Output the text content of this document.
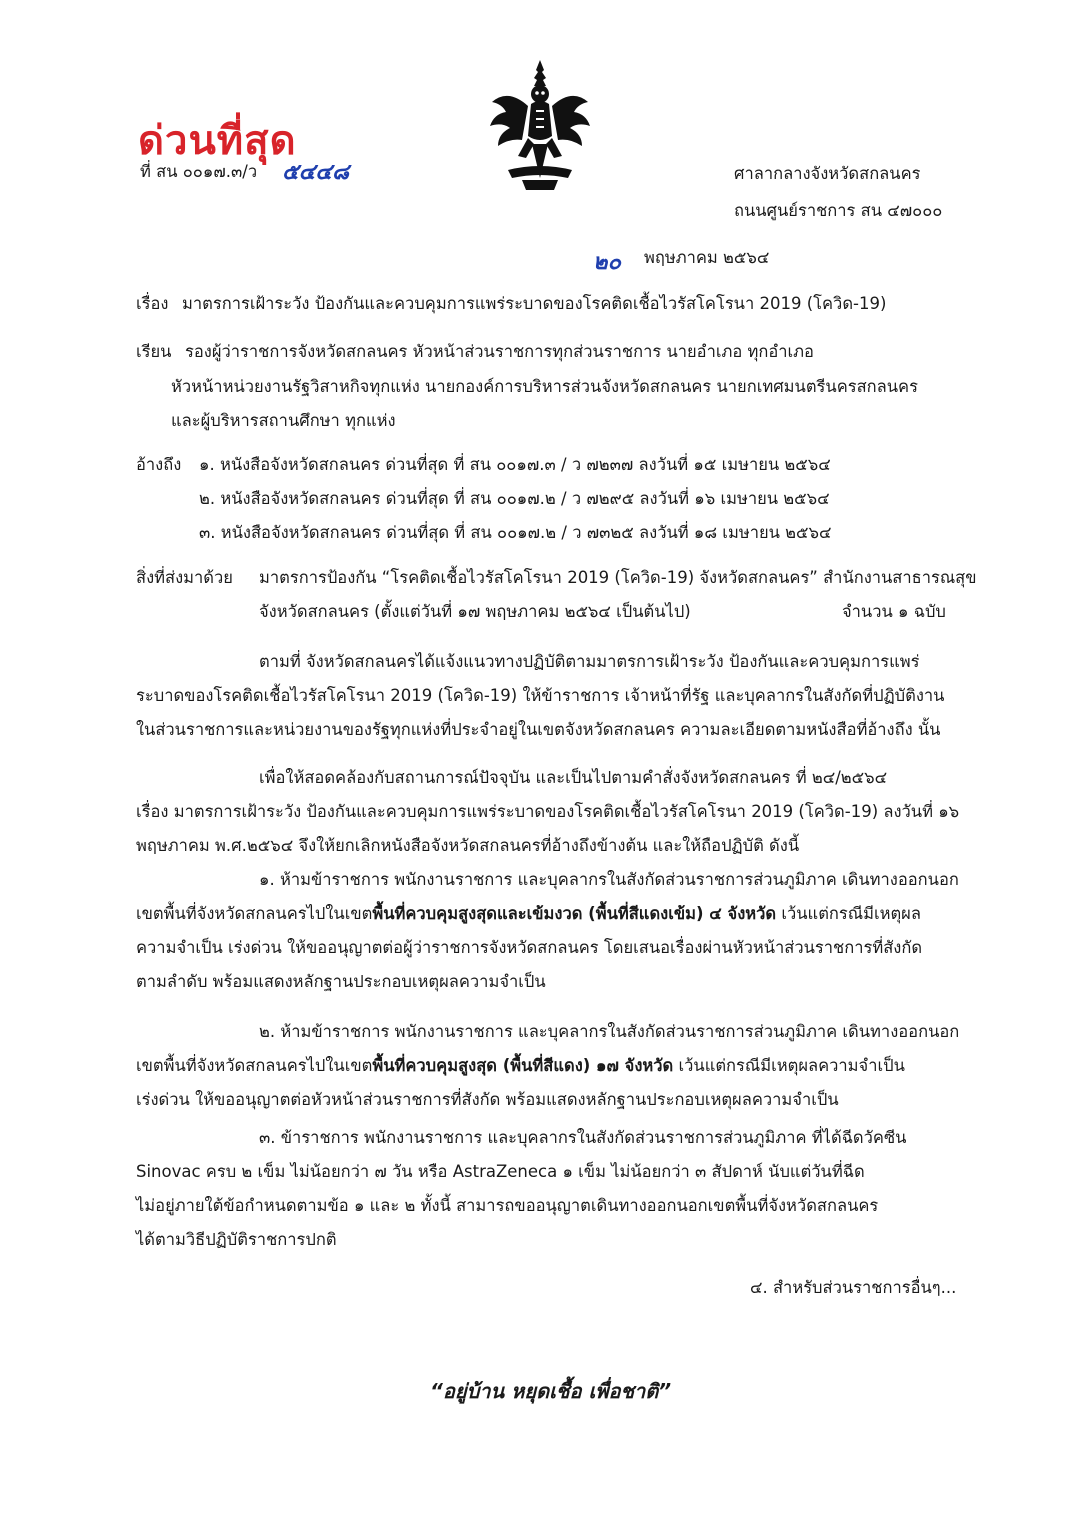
ด่วนที่สุด
ที่ สน ๐๐๑๗.๓/ว ๕๔๔๘	ศาลากลางจังหวัดสกลนคร
ถนนศูนย์ราชการ สน ๔๗๐๐๐
๒๐ พฤษภาคม ๒๕๖๔
เรื่อง มาตรการเฝ้าระวัง ป้องกันและควบคุมการแพร่ระบาดของโรคติดเชื้อไวรัสโคโรนา 2019 (โควิด-19)
เรียน รองผู้ว่าราชการจังหวัดสกลนคร หัวหน้าส่วนราชการทุกส่วนราชการ นายอำเภอ ทุกอำเภอ
หัวหน้าหน่วยงานรัฐวิสาหกิจทุกแห่ง นายกองค์การบริหารส่วนจังหวัดสกลนคร นายกเทศมนตรีนครสกลนคร
และผู้บริหารสถานศึกษา ทุกแห่ง
อ้างถึง ๑. หนังสือจังหวัดสกลนคร ด่วนที่สุด ที่ สน ๐๐๑๗.๓ / ว ๗๒๓๗ ลงวันที่ ๑๕ เมษายน ๒๕๖๔
๒. หนังสือจังหวัดสกลนคร ด่วนที่สุด ที่ สน ๐๐๑๗.๒ / ว ๗๒๙๕ ลงวันที่ ๑๖ เมษายน ๒๕๖๔
๓. หนังสือจังหวัดสกลนคร ด่วนที่สุด ที่ สน ๐๐๑๗.๒ / ว ๗๓๒๕ ลงวันที่ ๑๘ เมษายน ๒๕๖๔
สิ่งที่ส่งมาด้วย มาตรการป้องกัน “โรคติดเชื้อไวรัสโคโรนา 2019 (โควิด-19) จังหวัดสกลนคร” สำนักงานสาธารณสุข
จังหวัดสกลนคร (ตั้งแต่วันที่ ๑๗ พฤษภาคม ๒๕๖๔ เป็นต้นไป)	จำนวน ๑ ฉบับ
ตามที่ จังหวัดสกลนครได้แจ้งแนวทางปฏิบัติตามมาตรการเฝ้าระวัง ป้องกันและควบคุมการแพร่
ระบาดของโรคติดเชื้อไวรัสโคโรนา 2019 (โควิด-19) ให้ข้าราชการ เจ้าหน้าที่รัฐ และบุคลากรในสังกัดที่ปฏิบัติงาน
ในส่วนราชการและหน่วยงานของรัฐทุกแห่งที่ประจำอยู่ในเขตจังหวัดสกลนคร ความละเอียดตามหนังสือที่อ้างถึง นั้น
เพื่อให้สอดคล้องกับสถานการณ์ปัจจุบัน และเป็นไปตามคำสั่งจังหวัดสกลนคร ที่ ๒๔/๒๕๖๔
เรื่อง มาตรการเฝ้าระวัง ป้องกันและควบคุมการแพร่ระบาดของโรคติดเชื้อไวรัสโคโรนา 2019 (โควิด-19) ลงวันที่ ๑๖
พฤษภาคม พ.ศ.๒๕๖๔ จึงให้ยกเลิกหนังสือจังหวัดสกลนครที่อ้างถึงข้างต้น และให้ถือปฏิบัติ ดังนี้
๑. ห้ามข้าราชการ พนักงานราชการ และบุคลากรในสังกัดส่วนราชการส่วนภูมิภาค เดินทางออกนอก
เขตพื้นที่จังหวัดสกลนครไปในเขตพื้นที่ควบคุมสูงสุดและเข้มงวด (พื้นที่สีแดงเข้ม) ๔ จังหวัด เว้นแต่กรณีมีเหตุผล
ความจำเป็น เร่งด่วน ให้ขออนุญาตต่อผู้ว่าราชการจังหวัดสกลนคร โดยเสนอเรื่องผ่านหัวหน้าส่วนราชการที่สังกัด
ตามลำดับ พร้อมแสดงหลักฐานประกอบเหตุผลความจำเป็น
๒. ห้ามข้าราชการ พนักงานราชการ และบุคลากรในสังกัดส่วนราชการส่วนภูมิภาค เดินทางออกนอก
เขตพื้นที่จังหวัดสกลนครไปในเขตพื้นที่ควบคุมสูงสุด (พื้นที่สีแดง) ๑๗ จังหวัด เว้นแต่กรณีมีเหตุผลความจำเป็น
เร่งด่วน ให้ขออนุญาตต่อหัวหน้าส่วนราชการที่สังกัด พร้อมแสดงหลักฐานประกอบเหตุผลความจำเป็น
๓. ข้าราชการ พนักงานราชการ และบุคลากรในสังกัดส่วนราชการส่วนภูมิภาค ที่ได้ฉีดวัคซีน
Sinovac ครบ ๒ เข็ม ไม่น้อยกว่า ๗ วัน หรือ AstraZeneca ๑ เข็ม ไม่น้อยกว่า ๓ สัปดาห์ นับแต่วันที่ฉีด
ไม่อยู่ภายใต้ข้อกำหนดตามข้อ ๑ และ ๒ ทั้งนี้ สามารถขออนุญาตเดินทางออกนอกเขตพื้นที่จังหวัดสกลนคร
ได้ตามวิธีปฏิบัติราชการปกติ
๔. สำหรับส่วนราชการอื่นๆ...
“อยู่บ้าน หยุดเชื้อ เพื่อชาติ”
